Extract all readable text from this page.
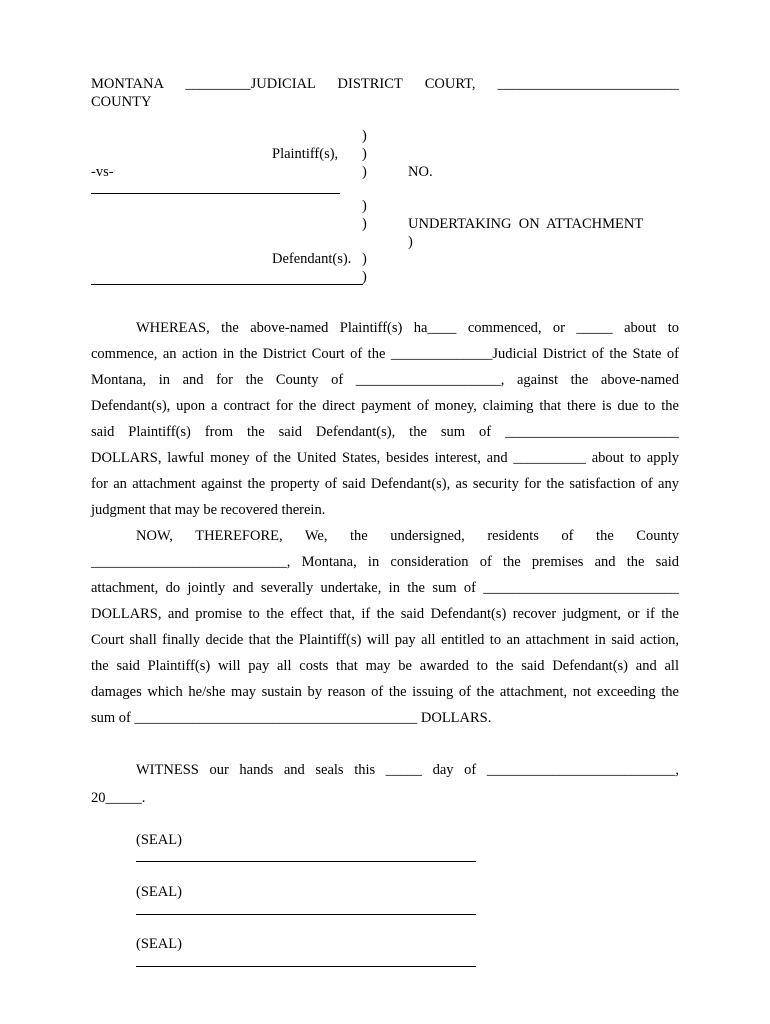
MONTANA _________JUDICIAL DISTRICT COURT, _________________________
COUNTY
)
)
)
)
)
)
)
Plaintiff(s),
-vs-
Defendant(s).
NO.
UNDERTAKING  ON  ATTACHMENT
)
WHEREAS, the above-named Plaintiff(s) ha____ commenced, or _____ about to
commence, an action in the District Court of the ______________Judicial District of the State of
Montana, in and for the County of ____________________, against the above-named
Defendant(s), upon a contract for the direct payment of money, claiming that there is due to the
said Plaintiff(s) from the said Defendant(s), the sum of ________________________
DOLLARS, lawful money of the United States, besides interest, and __________ about to apply
for an attachment against the property of said Defendant(s), as security for the satisfaction of any
judgment that may be recovered therein.
NOW, THEREFORE, We, the undersigned, residents of the County
___________________________, Montana, in consideration of the premises and the said
attachment, do jointly and severally undertake, in the sum of ___________________________
DOLLARS, and promise to the effect that, if the said Defendant(s) recover judgment, or if the
Court shall finally decide that the Plaintiff(s) will pay all entitled to an attachment in said action,
the said Plaintiff(s) will pay all costs that may be awarded to the said Defendant(s) and all
damages which he/she may sustain by reason of the issuing of the attachment, not exceeding the
sum of _______________________________________ DOLLARS.
WITNESS our hands and seals this _____ day of __________________________,
20_____.
(SEAL)
(SEAL)
(SEAL)
